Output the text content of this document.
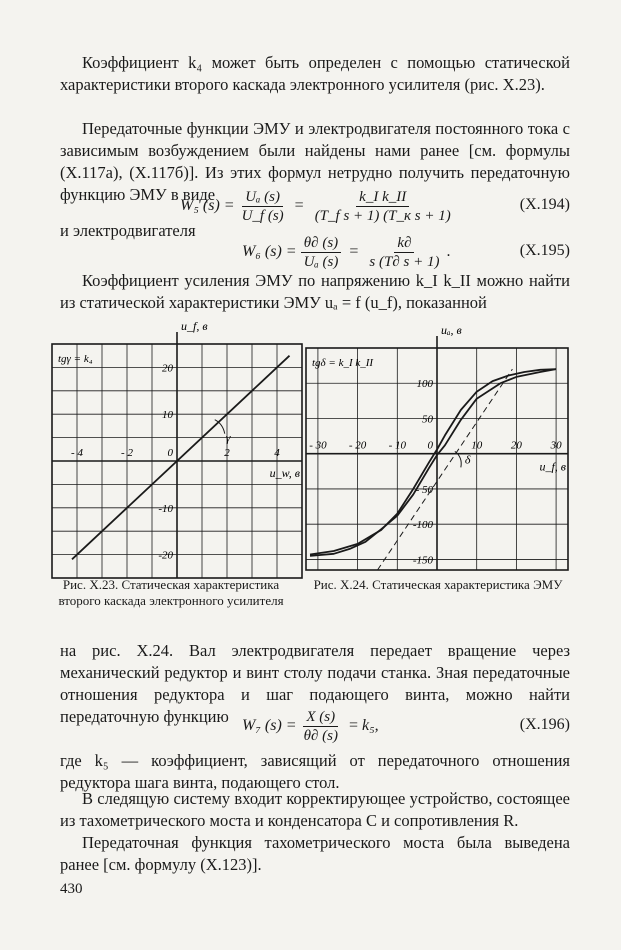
Коэффициент k₄ может быть определен с помощью статической характеристики второго каскада электронного усилителя (рис. X.23).

Передаточные функции ЭМУ и электродвигателя постоянного тока с зависимым возбуждением были найдены нами ранее [см. формулы (X.117a), (X.117б)]. Из этих формул нетрудно получить передаточную функцию ЭМУ в виде

W₅ $(s) = \frac{\text{Uₐ (s)}}{U\_f (s)} = \frac{\text{k\_I k\_II}}{\text{(T\_f s + 1) (T\_к s + 1)}}$	(X.194)

и электродвигателя

W₆ $(s) = \frac{\theta\partial (s)}{\text{Uₐ (s)}} = \frac{k\partial}{s (T\partial s + 1)}$ .	(X.195)

Коэффициент усиления ЭМУ по напряжению k_I k_II можно найти из статической характеристики ЭМУ uₐ = f (u_f), показанной

- 4	- 2	2	4
20
10
-10
-20
0
u_f, в
u_w, в
tgγ = k₄
γ

Рис. X.23. Статическая характеристика второго каскада электронного усилителя

- 30 - 20 - 10	10	20	30
100
50
- 50
-100
-150
0
uₐ, в
u_f, в
tgδ = k_I k_II
δ

Рис. X.24. Статическая характеристика ЭМУ

на рис. X.24. Вал электродвигателя передает вращение через механический редуктор и винт столу подачи станка. Зная передаточные отношения редуктора и шаг подающего винта, можно найти передаточную функцию W₇ $(s) = \frac{X (s)}{\theta\partial (s)} = k_5$,	(X.196)

где k₅ — коэффициент, зависящий от передаточного отношения редуктора шага винта, подающего стол.

В следящую систему входит корректирующее устройство, состоящее из тахометрического моста и конденсатора C и сопротивления R.

Передаточная функция тахометрического моста была выведена ранее [см. формулу (X.123)].

430
